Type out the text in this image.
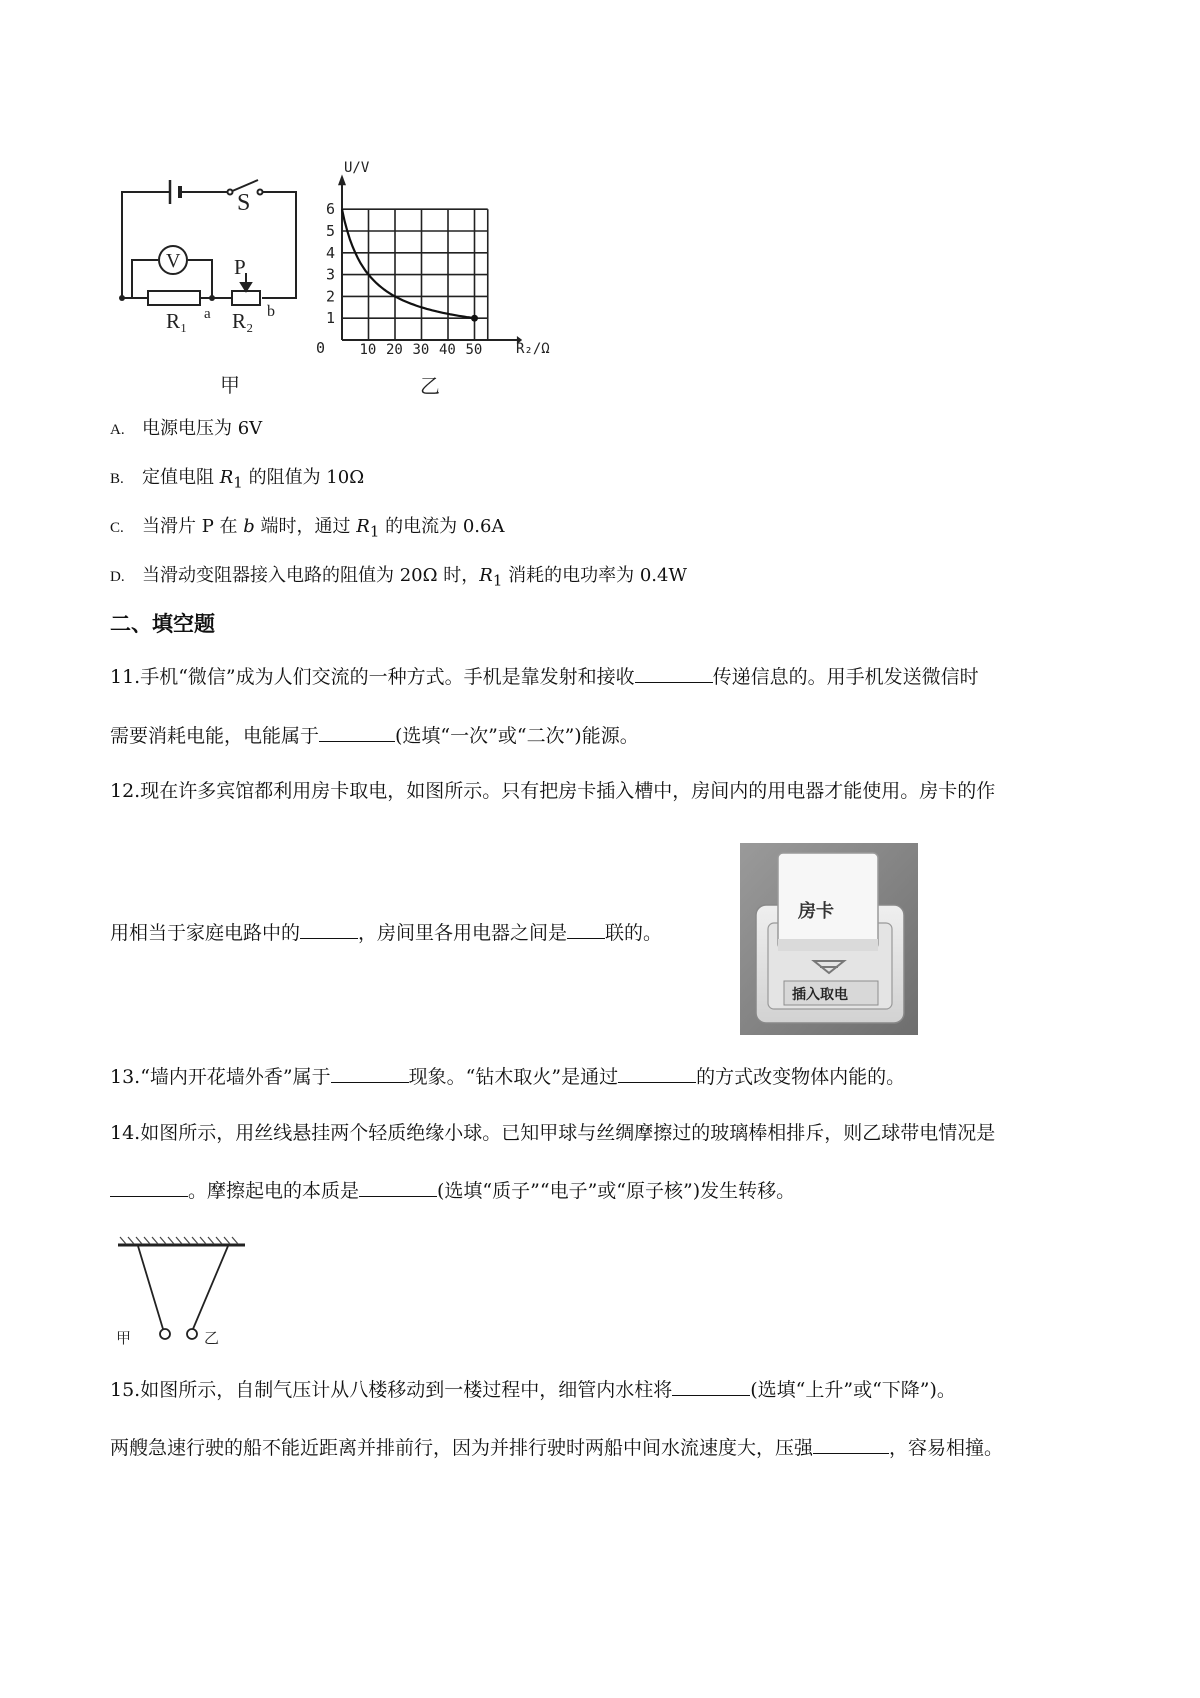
S
V	P
R₁ a R₂ b
甲
1
2
3
4
5
6
10 20 30 40 50
U/V
R₂/Ω
0
乙
A. 电源电压为 6V
B. 定值电阻 $R_1$ 的阻值为 10Ω
C. 当滑片 P 在 b 端时，通过 $R_1$ 的电流为 0.6A
D. 当滑动变阻器接入电路的阻值为 20Ω 时，$R_1$ 消耗的电功率为 0.4W
二、填空题
11.手机“微信”成为人们交流的一种方式。手机是靠发射和接收	传递信息的。用手机发送微信时
需要消耗电能，电能属于	(选填“一次”或“二次”)能源。
12.现在许多宾馆都利用房卡取电，如图所示。只有把房卡插入槽中，房间内的用电器才能使用。房卡的作
用相当于家庭电路中的	，房间里各用电器之间是 联的。
房卡
插入取电
13.“墙内开花墙外香”属于	现象。“钻木取火”是通过	的方式改变物体内能的。
14.如图所示，用丝线悬挂两个轻质绝缘小球。已知甲球与丝绸摩擦过的玻璃棒相排斥，则乙球带电情况是
。摩擦起电的本质是	(选填“质子”“电子”或“原子核”)发生转移。
甲	乙
15.如图所示，自制气压计从八楼移动到一楼过程中，细管内水柱将	(选填“上升”或“下降”)。
两艘急速行驶的船不能近距离并排前行，因为并排行驶时两船中间水流速度大，压强	，容易相撞。
